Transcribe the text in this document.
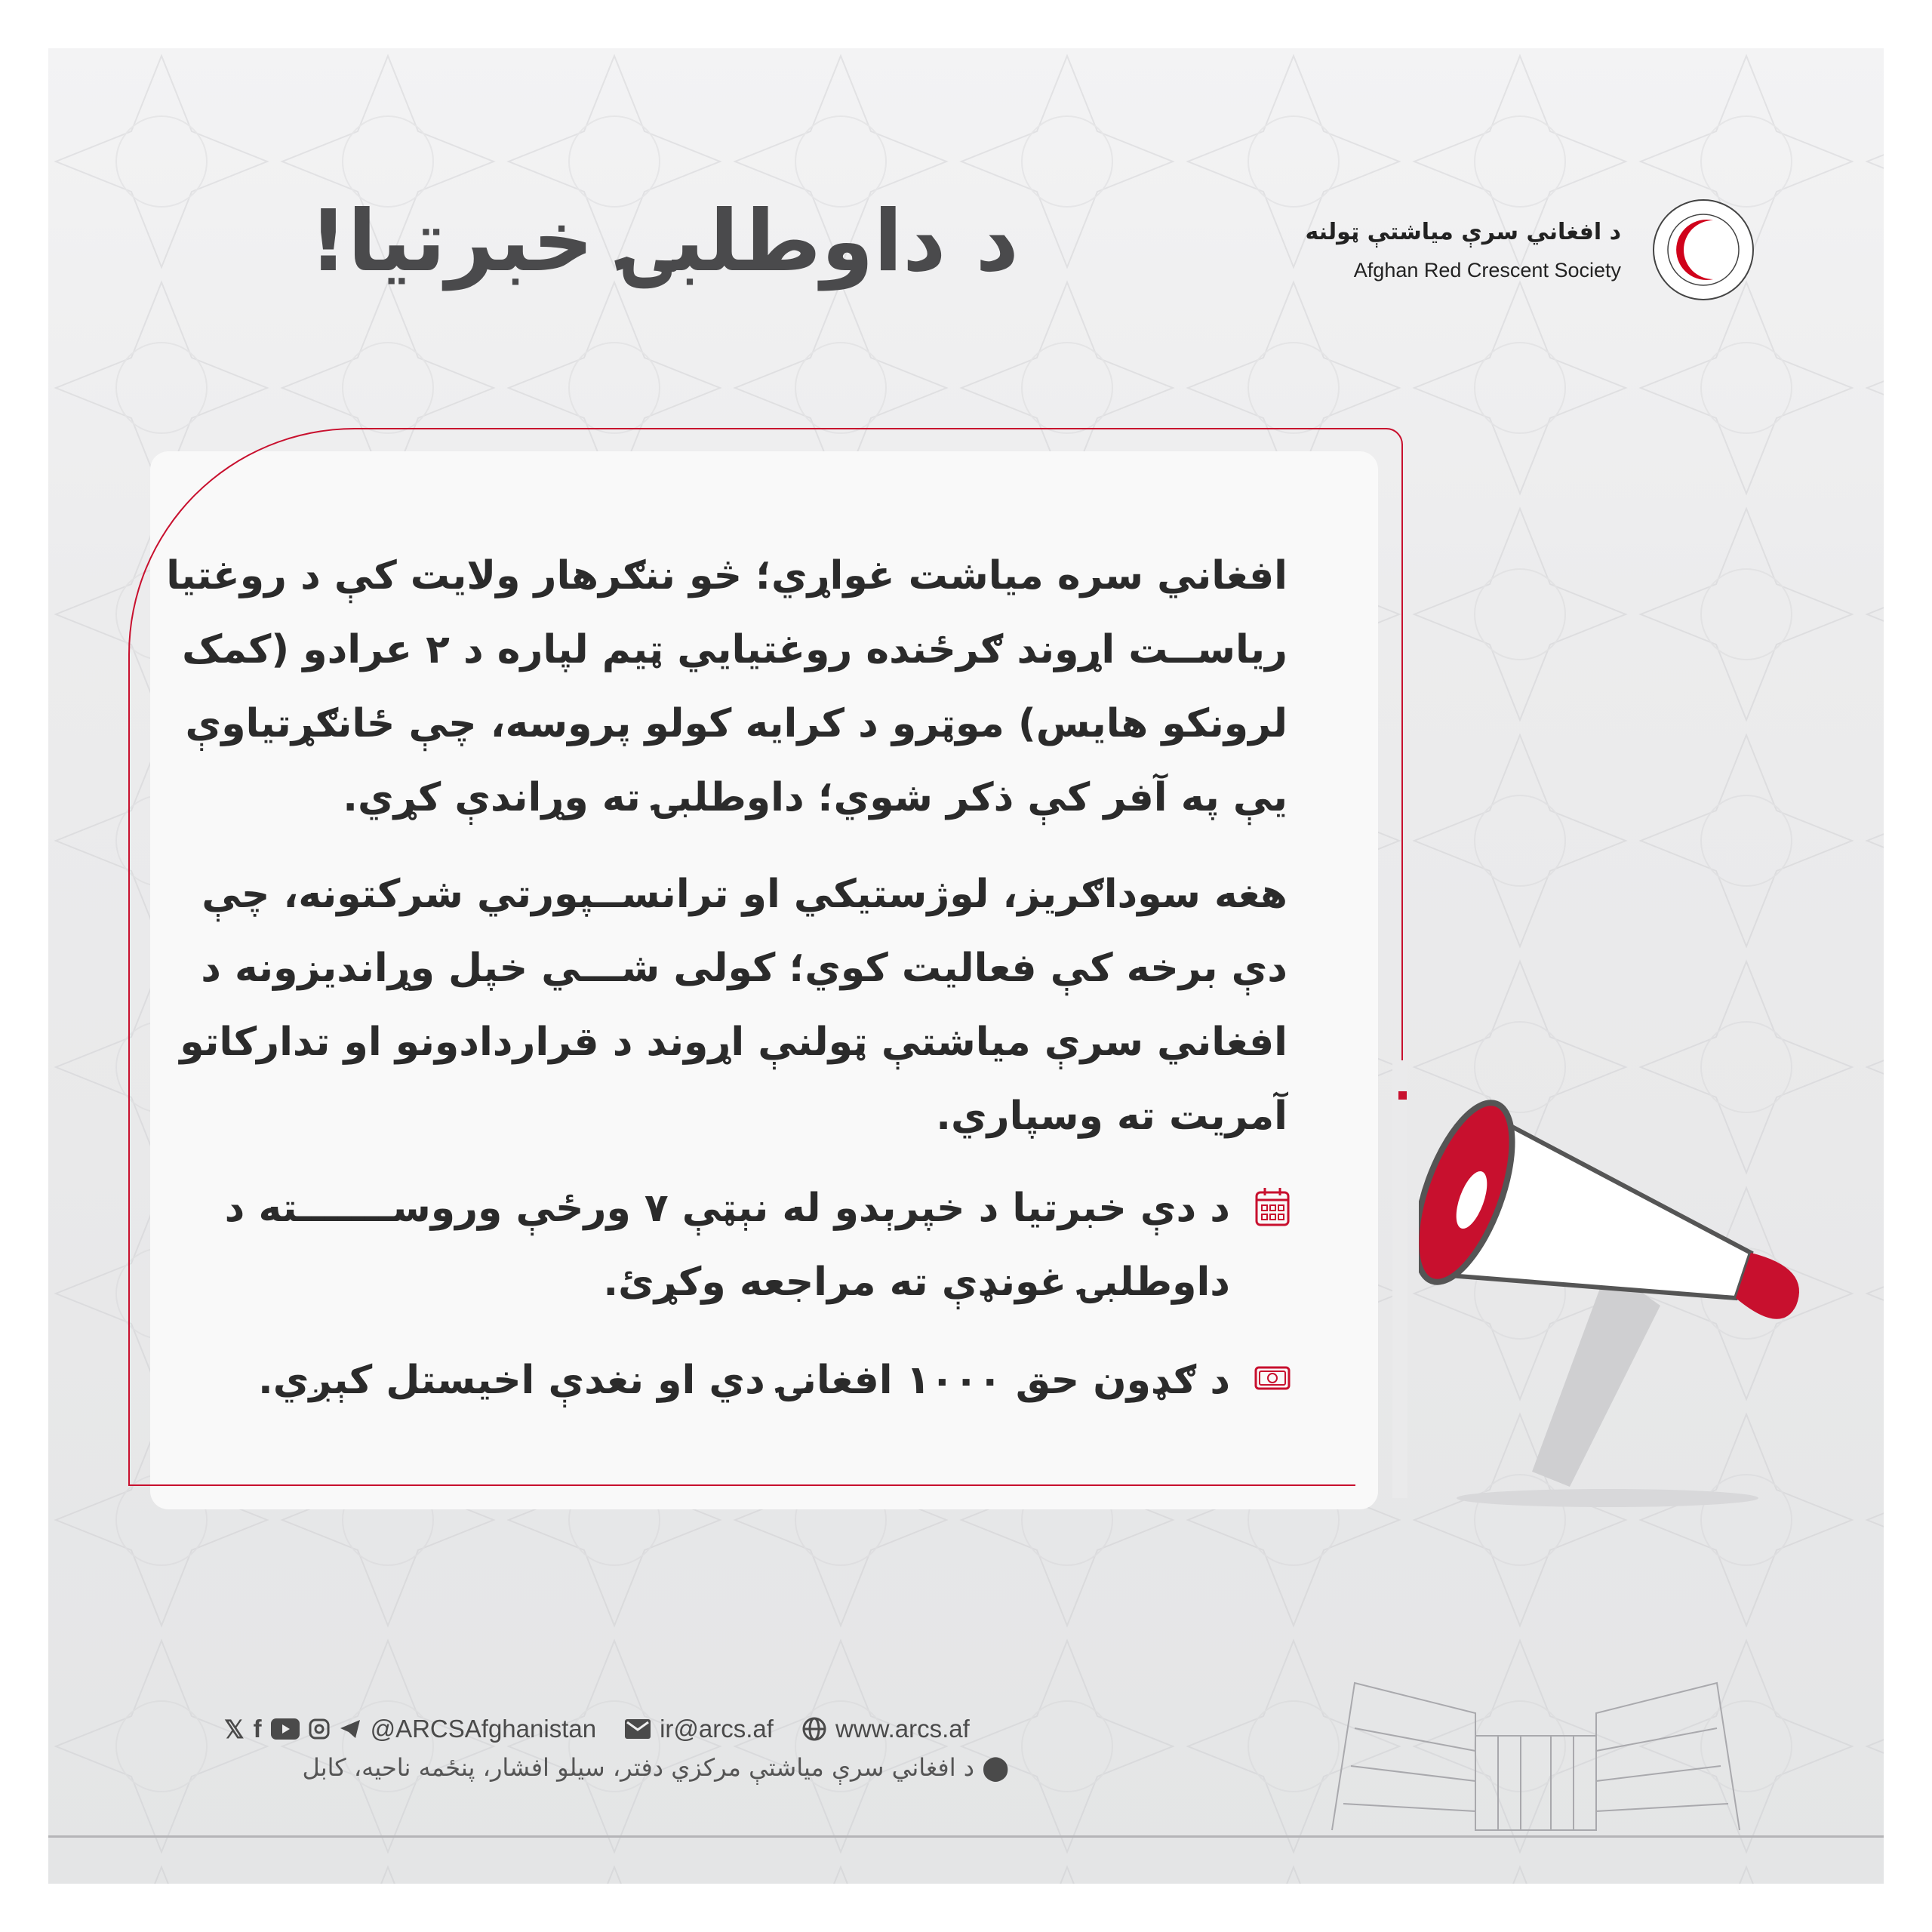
د داوطلبۍ خبرتیا!	د افغاني سرې میاشتې ټولنه
Afghan Red Crescent Society
افغاني سره میاشت غواړي؛ څو ننګرهار ولایت کې د روغتیا
ریاســت اړوند ګرځنده روغتیايي ټیم لپاره د ۲ عرادو (کمک
لرونکو هایس) موټرو د کرایه کولو پروسه، چې ځانګړتیاوې
یې په آفر کې ذکر شوي؛ داوطلبۍ ته وړاندې کړي.
هغه سوداګریز، لوژستیکي او ترانســپورتي شرکتونه، چې
دې برخه کې فعالیت کوي؛ کولی شـــي خپل وړاندیزونه د
افغاني سرې میاشتې ټولنې اړوند د قراردادونو او تدارکاتو
آمریت ته وسپاري.
د دې خبرتیا د خپرېدو له نېټې ۷ ورځې وروســـــــته د
داوطلبۍ غونډې ته مراجعه وکړئ.
د ګډون حق ۱۰۰۰ افغانۍ دي او نغدې اخیستل کېږي.
𝕏 f	@ARCSAfghanistan	ir@arcs.af www.arcs.af
⬤ د افغاني سرې میاشتې مرکزي دفتر، سیلو افشار، پنځمه ناحیه، کابل
